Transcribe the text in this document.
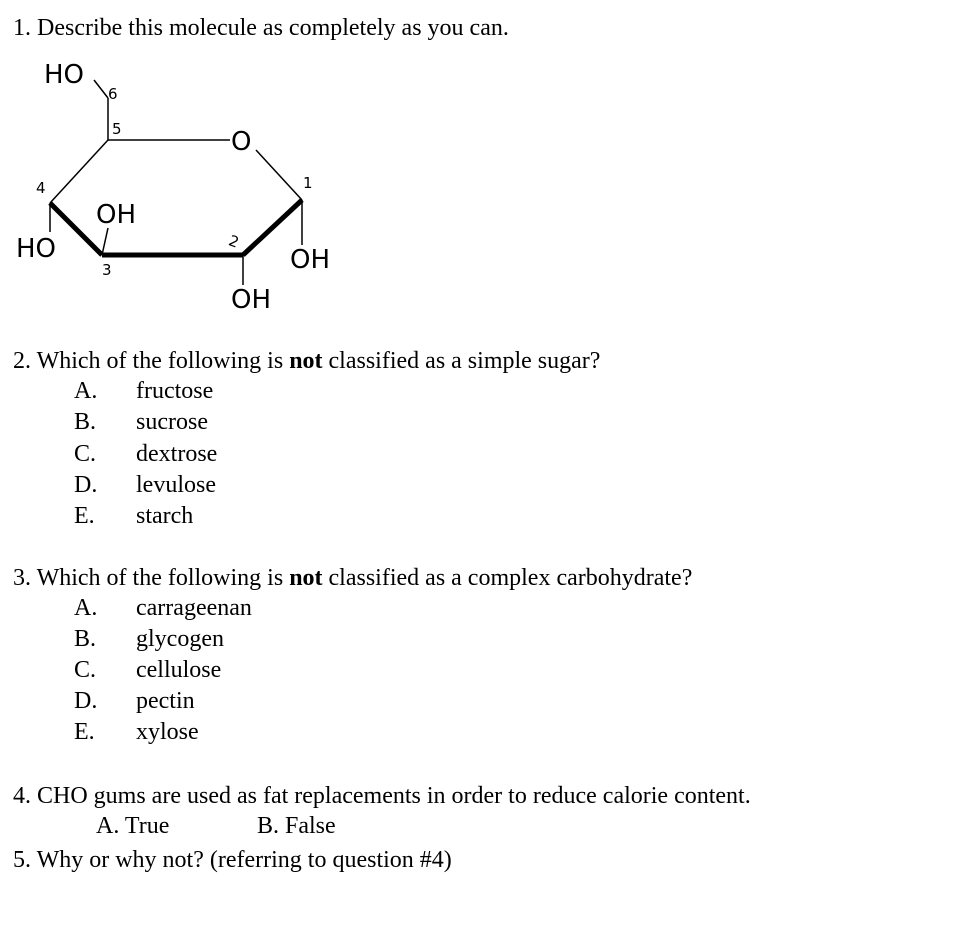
1. Describe this molecule as completely as you can.
HO
O
OH
HO	OH
OH
6
5
4
3
2
1
2. Which of the following is not classified as a simple sugar?
A. fructose
B. sucrose
C. dextrose
D. levulose
E. starch
3. Which of the following is not classified as a complex carbohydrate?
A. carrageenan
B. glycogen
C. cellulose
D. pectin
E. xylose
4. CHO gums are used as fat replacements in order to reduce calorie content.
A. True	B. False
5. Why or why not? (referring to question #4)
